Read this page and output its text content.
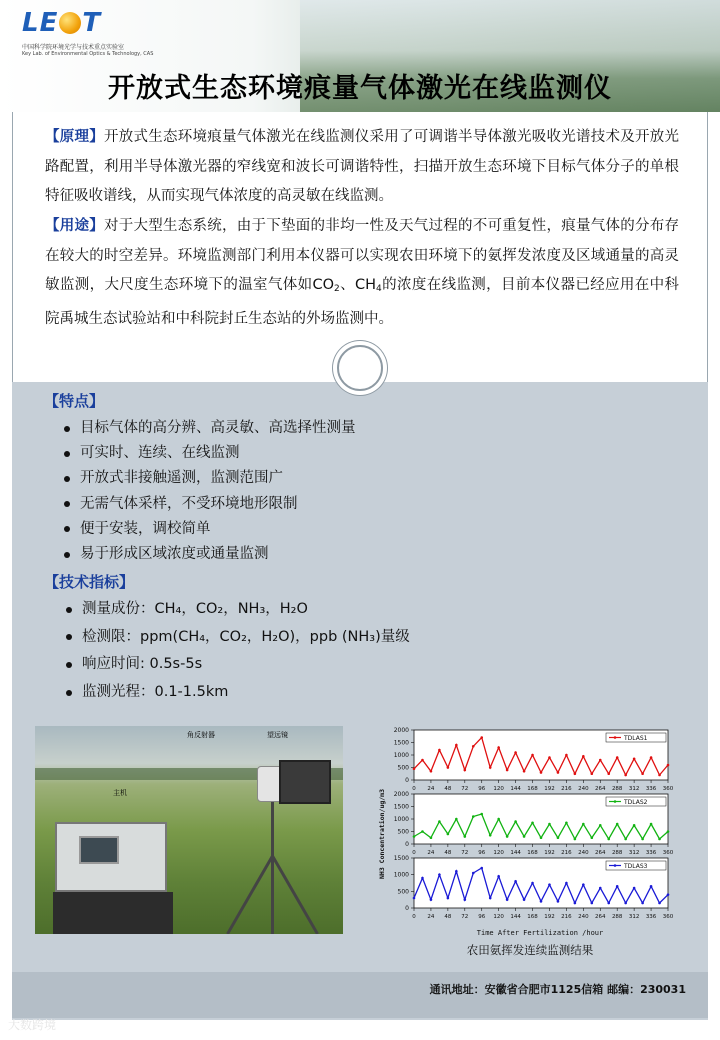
LE T
中国科学院环境光学与技术重点实验室
Key Lab. of Environmental Optics & Technology, CAS
开放式生态环境痕量气体激光在线监测仪

【原理】开放式生态环境痕量气体激光在线监测仪采用了可调谐半导体激光吸收光谱技术及开放光路配置，利用半导体激光器的窄线宽和波长可调谐特性，扫描开放生态环境下目标气体分子的单根特征吸收谱线，从而实现气体浓度的高灵敏在线监测。

【用途】对于大型生态系统，由于下垫面的非均一性及天气过程的不可重复性，痕量气体的分布存在较大的时空差异。环境监测部门利用本仪器可以实现农田环境下的氨挥发浓度及区域通量的高灵敏监测，大尺度生态环境下的温室气体如$CO_2$、$CH_4$的浓度在线监测，目前本仪器已经应用在中科院禹城生态试验站和中科院封丘生态站的外场监测中。

【特点】
目标气体的高分辨、高灵敏、高选择性测量
可实时、连续、在线监测
开放式非接触遥测，监测范围广
无需气体采样，不受环境地形限制
便于安装，调校简单
易于形成区域浓度或通量监测
【技术指标】
测量成份：CH₄，CO₂，NH₃，H₂O
检测限：ppm(CH₄，CO₂，H₂O)，ppb (NH₃)量级
响应时间: 0.5s-5s
监测光程：0.1-1.5km
角反射器	望远镜
主机
0
500
1000
1500
2000
0 24 48 72 96 120 144 168 192 216 240 264 288 312 336 360
TDLAS1
0
500
1000
1500
2000
0 24 48 72 96 120 144 168 192 216 240 264 288 312 336 360
TDLAS2
0
500
1000
1500
0 24 48 72 96 120 144 168 192 216 240 264 288 312 336 360
TDLAS3
NH3 Concentration/ug/m3
Time After Fertilization /hour
农田氨挥发连续监测结果
通讯地址：安徽省合肥市1125信箱 邮编：230031
大数跨境
